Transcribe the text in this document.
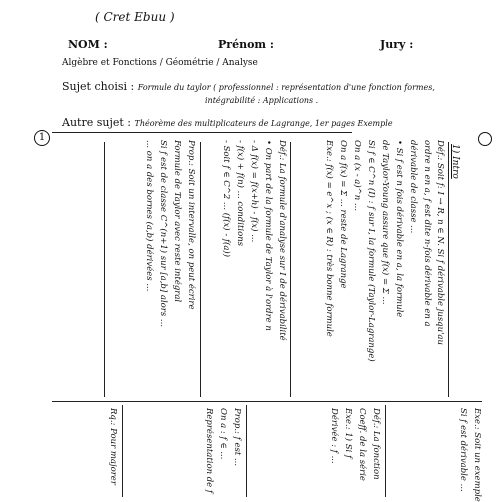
( Cret Ebuu )
NOM :	Prénom :	Jury :
Algèbre et Fonctions / Géométrie / Analyse
Sujet choisi : Formule du taylor ( professionnel : représentation d'une fonction formes,
intégrabilité : Applications .
Autre sujet : Théorème des multiplicateurs de Lagrange, 1er pages Exemple
1
Déf.: Soit f: I → R, n ∈ N. Si f dérivable jusqu'au
ordre n en a, f est dite n-fois dérivable en a
dérivable de classe ...
• Si f est n fois dérivable en a, la formule
de Taylor-Young assure que f(x) = Σ ...
Si f ∈ C^n (I) : f sur I, la formule (Taylor-Lagrange)
On a (x - a)^n ...
On a f(x) = Σ ... reste de Lagrange
Exe.: f(x) = e^x ; (x ∈ R) : très bonne formule
Déf.: La formule d'analyse sur I de dérivabilité
• On part de la formule de Taylor à l'ordre n
- Δ f(x) = f(x+h) - f(x) ...
- f(x) + f(n) ... conditions
- Soit f ∈ C^2 ... (f(x) - f(a))
Prop.: Soit un intervalle, on peut écrire
Formule de Taylor avec reste intégral
Si f est de classe C^(n+1) sur [a,b] alors ...
... on a des bornes (a,b) dérivées ...
Exe.: Soit un exemple
Si f est dérivable ...
Déf.: La fonction
Coeff. de la série
Exe.: 1) Si f
Dérivée : f ...
Prop.: f est ...
On a : f ∈ ...
Représentation de f
Rq.: Pour majorer
1) Intro
